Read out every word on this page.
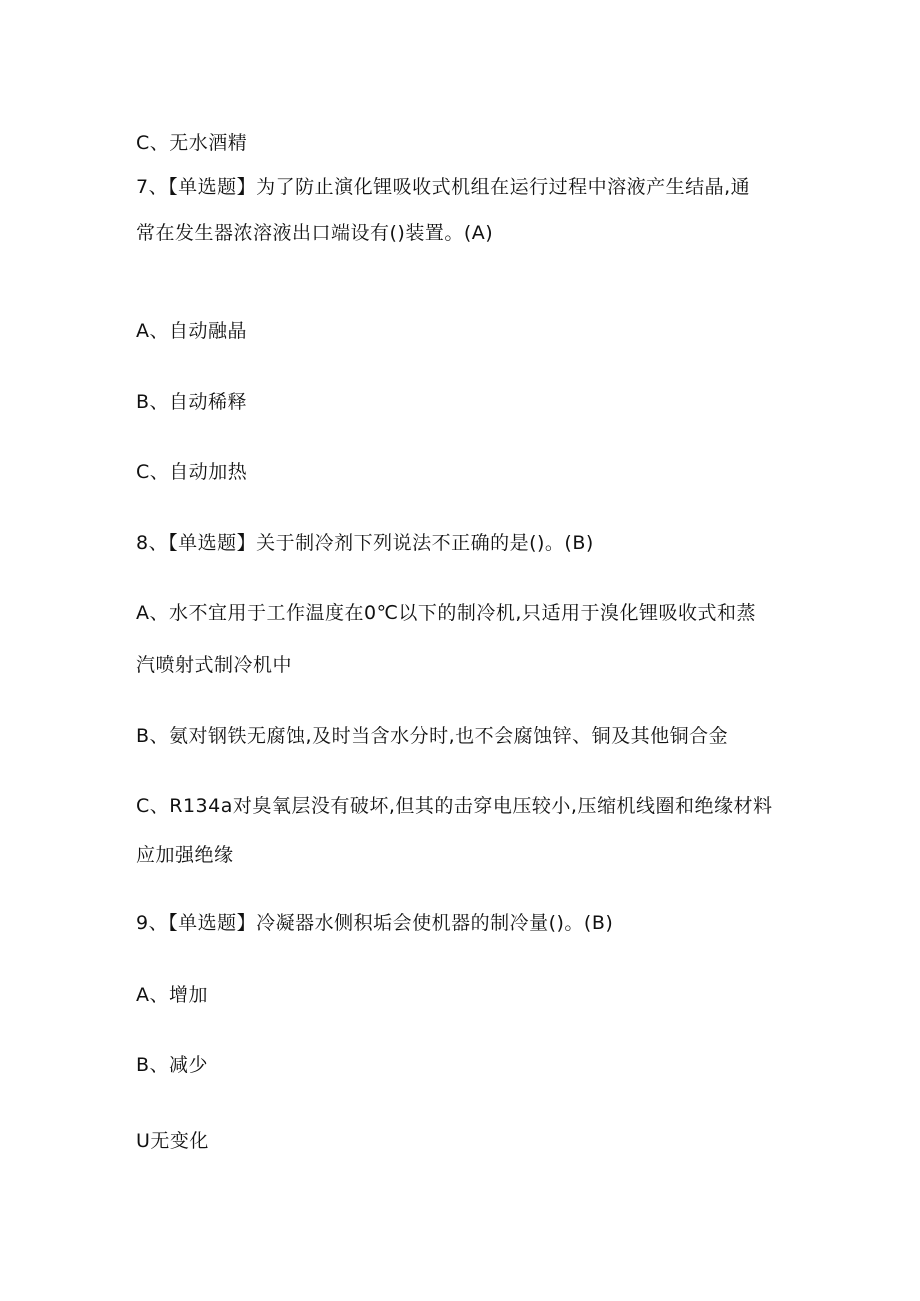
C、无水酒精
7、【单选题】为了防止演化锂吸收式机组在运行过程中溶液产生结晶,通
常在发生器浓溶液出口端设有()装置。(A)
A、自动融晶
B、自动稀释
C、自动加热
8、【单选题】关于制冷剂下列说法不正确的是()。(B)
A、水不宜用于工作温度在0℃以下的制冷机,只适用于溴化锂吸收式和蒸
汽喷射式制冷机中
B、氨对钢铁无腐蚀,及时当含水分时,也不会腐蚀锌、铜及其他铜合金
C、R134a对臭氧层没有破坏,但其的击穿电压较小,压缩机线圈和绝缘材料
应加强绝缘
9、【单选题】冷凝器水侧积垢会使机器的制冷量()。(B)
A、增加
B、减少
U无变化
